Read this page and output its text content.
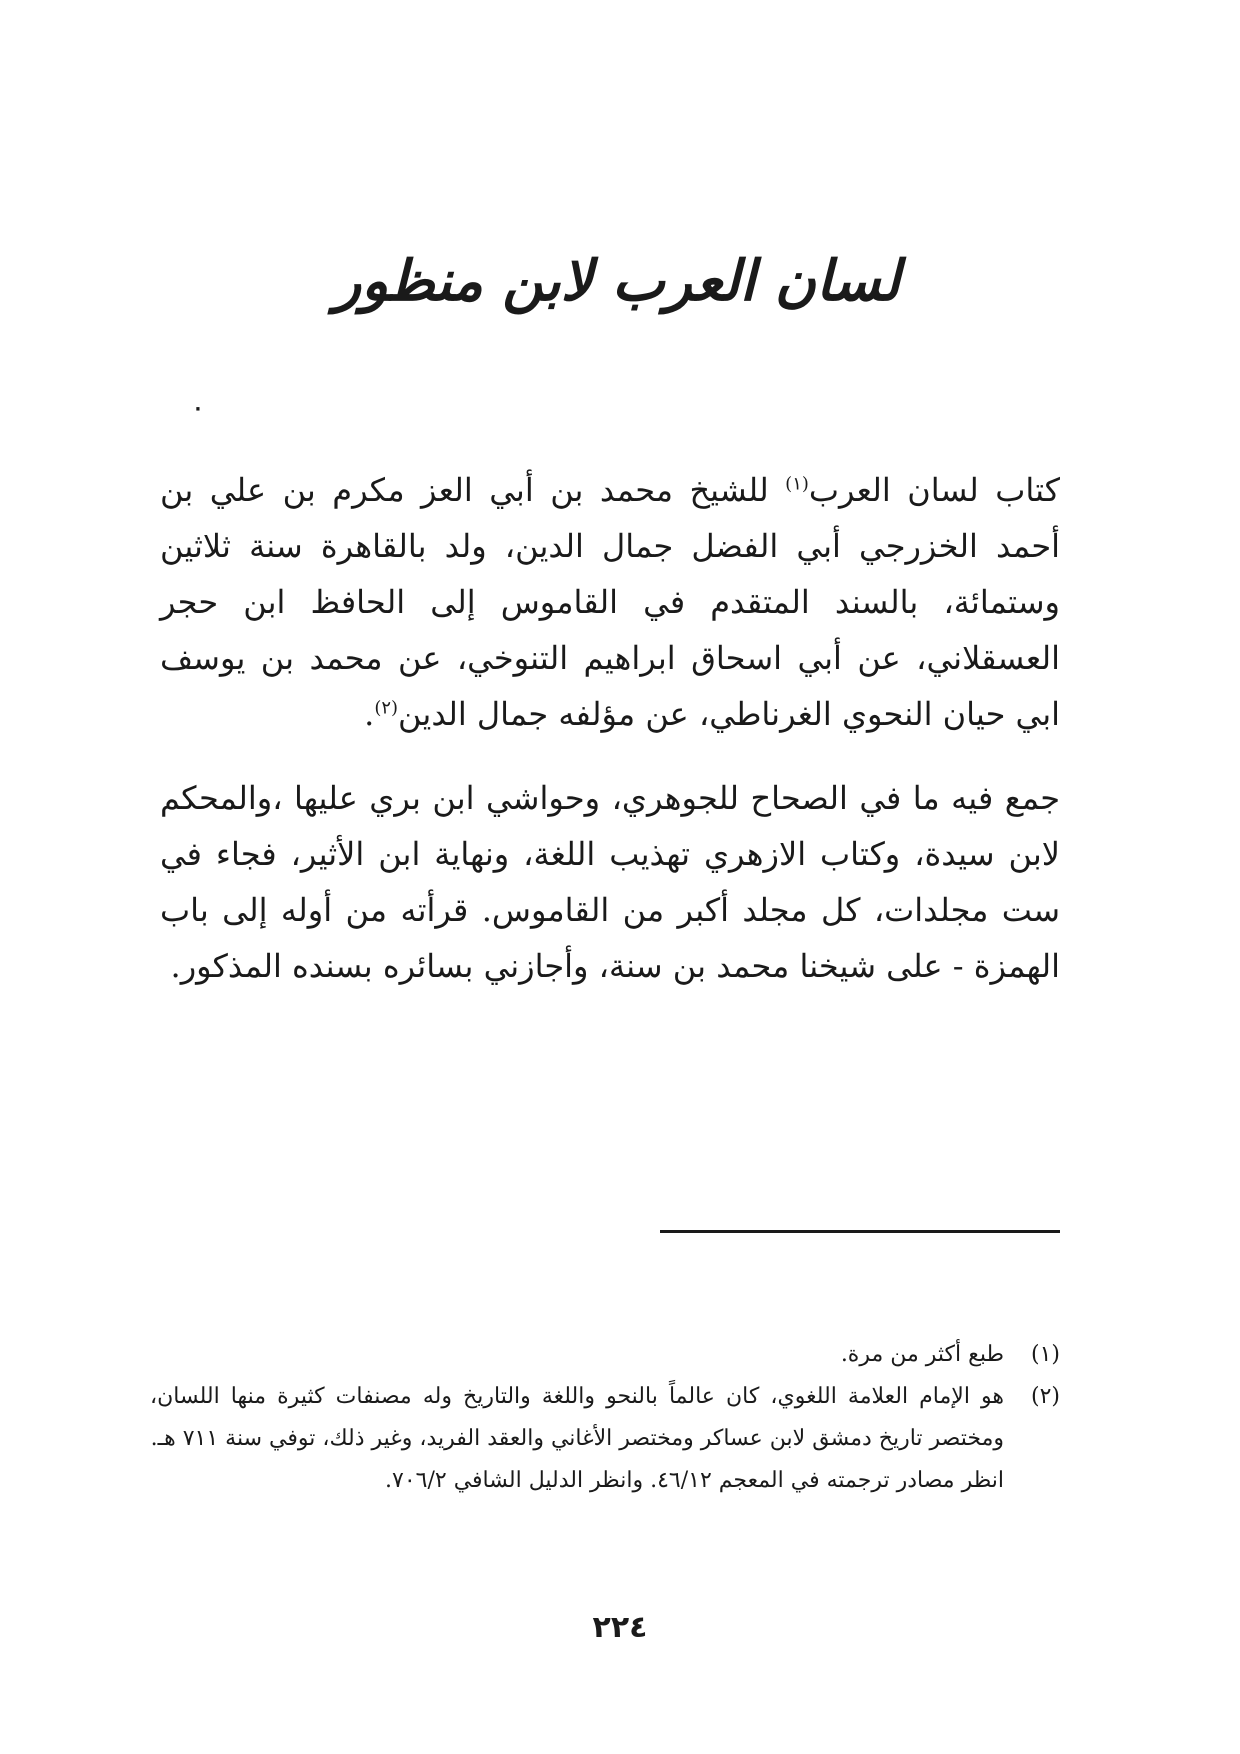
لسان العرب لابن منظور
٠

كتاب لسان العرب$^{(١)}$ للشيخ محمد بن أبي العز مكرم بن علي بن أحمد الخزرجي أبي الفضل جمال الدين، ولد بالقاهرة سنة ثلاثين وستمائة، بالسند المتقدم في القاموس إلى الحافظ ابن حجر العسقلاني، عن أبي اسحاق ابراهيم التنوخي، عن محمد بن يوسف ابي حيان النحوي الغرناطي، عن مؤلفه جمال الدين$^{(٢)}$.

جمع فيه ما في الصحاح للجوهري، وحواشي ابن بري عليها ،والمحكم لابن سيدة، وكتاب الازهري تهذيب اللغة، ونهاية ابن الأثير، فجاء في ست مجلدات، كل مجلد أكبر من القاموس. قرأته من أوله إلى باب الهمزة - على شيخنا محمد بن سنة، وأجازني بسائره بسنده المذكور.

(١)
طبع أكثر من مرة.
(٢)
هو الإمام العلامة اللغوي، كان عالماً بالنحو واللغة والتاريخ وله مصنفات كثيرة منها اللسان، ومختصر تاريخ دمشق لابن عساكر ومختصر الأغاني والعقد الفريد، وغير ذلك، توفي سنة ٧١١ هـ.
انظر مصادر ترجمته في المعجم ٤٦/١٢. وانظر الدليل الشافي ٧٠٦/٢.
٢٢٤
